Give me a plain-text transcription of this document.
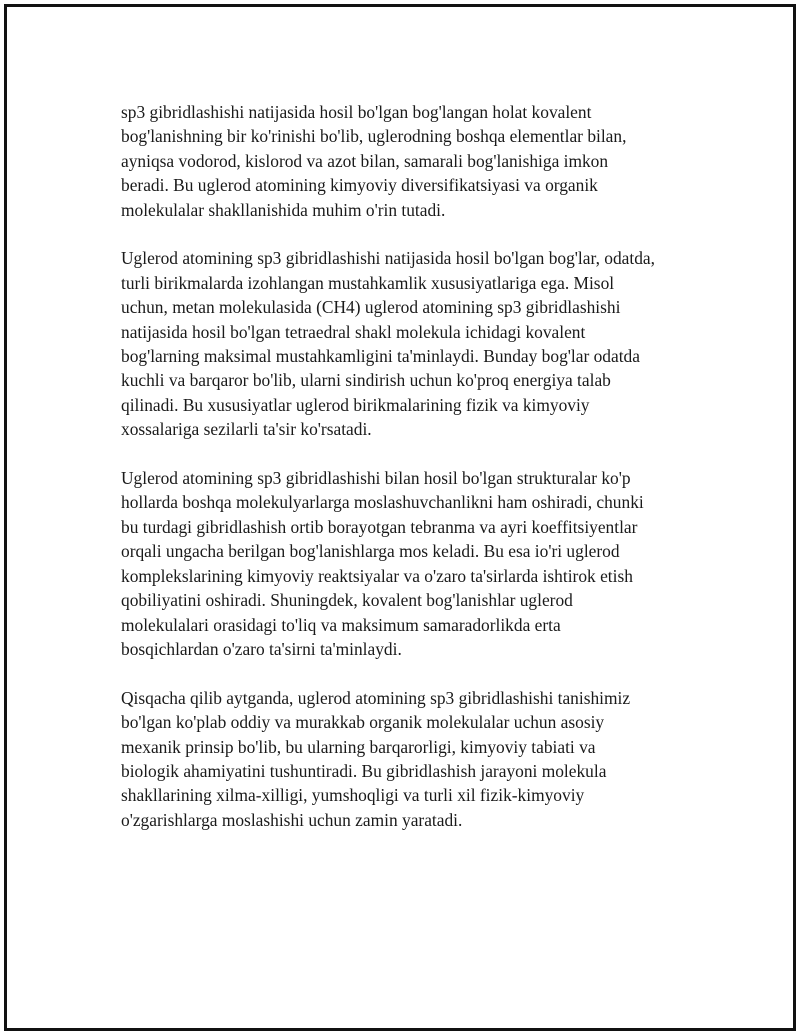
sp3 gibridlashishi natijasida hosil bo'lgan bog'langan holat kovalent
bog'lanishning bir ko'rinishi bo'lib, uglerodning boshqa elementlar bilan,
ayniqsa vodorod, kislorod va azot bilan, samarali bog'lanishiga imkon
beradi. Bu uglerod atomining kimyoviy diversifikatsiyasi va organik
molekulalar shakllanishida muhim o'rin tutadi.

Uglerod atomining sp3 gibridlashishi natijasida hosil bo'lgan bog'lar, odatda,
turli birikmalarda izohlangan mustahkamlik xususiyatlariga ega. Misol
uchun, metan molekulasida (CH4) uglerod atomining sp3 gibridlashishi
natijasida hosil bo'lgan tetraedral shakl molekula ichidagi kovalent
bog'larning maksimal mustahkamligini ta'minlaydi. Bunday bog'lar odatda
kuchli va barqaror bo'lib, ularni sindirish uchun ko'proq energiya talab
qilinadi. Bu xususiyatlar uglerod birikmalarining fizik va kimyoviy
xossalariga sezilarli ta'sir ko'rsatadi.

Uglerod atomining sp3 gibridlashishi bilan hosil bo'lgan strukturalar ko'p
hollarda boshqa molekulyarlarga moslashuvchanlikni ham oshiradi, chunki
bu turdagi gibridlashish ortib borayotgan tebranma va ayri koeffitsiyentlar
orqali ungacha berilgan bog'lanishlarga mos keladi. Bu esa io'ri uglerod
komplekslarining kimyoviy reaktsiyalar va o'zaro ta'sirlarda ishtirok etish
qobiliyatini oshiradi. Shuningdek, kovalent bog'lanishlar uglerod
molekulalari orasidagi to'liq va maksimum samaradorlikda erta
bosqichlardan o'zaro ta'sirni ta'minlaydi.

Qisqacha qilib aytganda, uglerod atomining sp3 gibridlashishi tanishimiz
bo'lgan ko'plab oddiy va murakkab organik molekulalar uchun asosiy
mexanik prinsip bo'lib, bu ularning barqarorligi, kimyoviy tabiati va
biologik ahamiyatini tushuntiradi. Bu gibridlashish jarayoni molekula
shakllarining xilma-xilligi, yumshoqligi va turli xil fizik-kimyoviy
o'zgarishlarga moslashishi uchun zamin yaratadi.
